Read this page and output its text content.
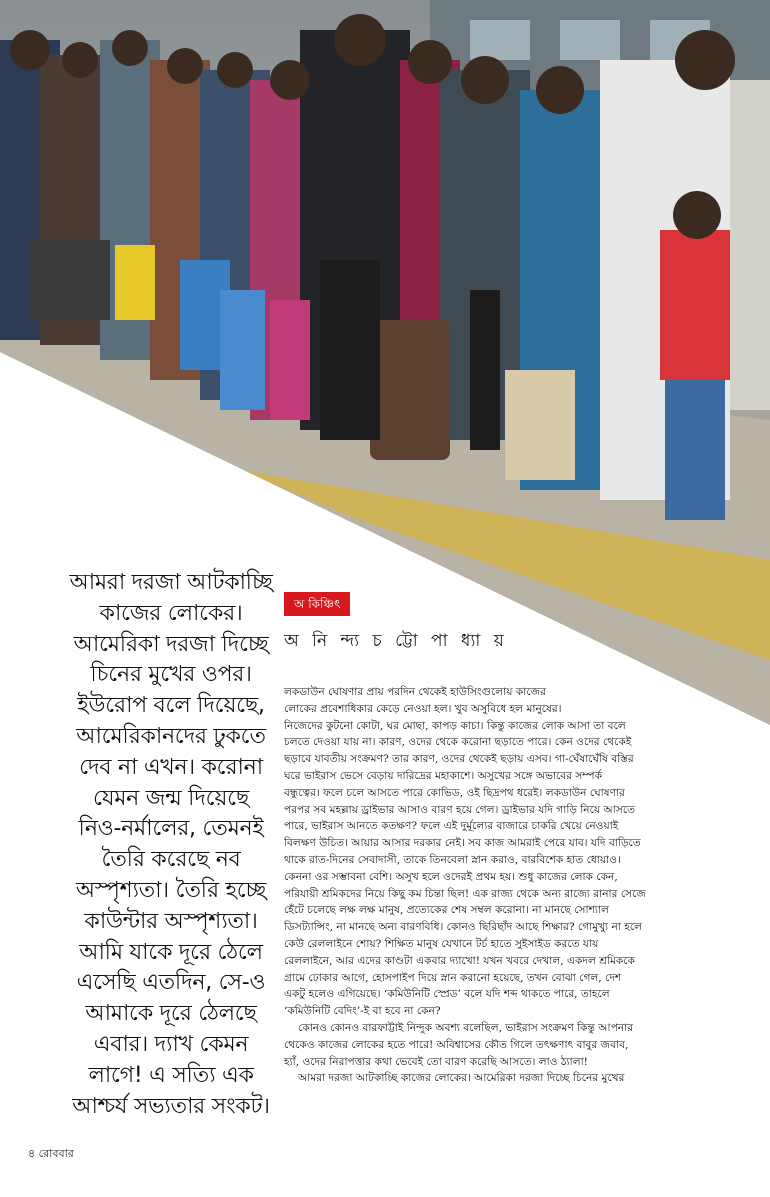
আমরা দরজা আটকাচ্ছি
কাজের লোকের।
আমেরিকা দরজা দিচ্ছে
চিনের মুখের ওপর।
ইউরোপ বলে দিয়েছে,
আমেরিকানদের ঢুকতে
দেব না এখন। করোনা
যেমন জন্ম দিয়েছে
নিও-নর্মালের, তেমনই
তৈরি করেছে নব
অস্পৃশ্যতা। তৈরি হচ্ছে
কাউন্টার অস্পৃশ্যতা।
আমি যাকে দূরে ঠেলে
এসেছি এতদিন, সে-ও
আমাকে দূরে ঠেলছে
এবার। দ্যাখ কেমন
লাগে! এ সত্যি এক
আশ্চর্য সভ্যতার সংকট।
অ কিঞ্চিৎ
অ নি ন্দ্য চ ট্টো পা ধ্যা য়
লকডাউন ঘোষণার প্রায় পরদিন থেকেই হাউসিংগুলোয় কাজের
লোকের প্রবেশাধিকার কেড়ে নেওয়া হল। খুব অসুবিধে হল মানুষের।
নিজেদের কুটনো কোটা, ঘর মোছা, কাপড় কাচা। কিন্তু কাজের লোক আসা তা বলে
চলতে দেওয়া যায় না। কারণ, ওদের থেকে করোনা ছড়াতে পারে। কেন ওদের থেকেই
ছড়াবে যাবতীয় সংক্রমণ? তার কারণ, ওদের থেকেই ছড়ায় এসব। গা-ঘেঁষাঘেঁষি বস্তির
ঘরে ভাইরাস ভেসে বেড়ায় দারিদ্রের মহাকাশে। অসুখের সঙ্গে অভাবের সম্পর্ক
বন্ধুত্বের। ফলে চলে আসতে পারে কোভিড, ওই ছিদ্রপথ ধরেই। লকডাউন ঘোষণার
পরপর সব মহল্লায় ড্রাইভার আসাও বারণ হয়ে গেল। ড্রাইভার যদি গাড়ি নিয়ে আসতে
পারে, ভাইরাস আনতে কতক্ষণ? ফলে এই দুর্মূল্যের বাজারে চাকরি খেয়ে নেওয়াই
বিলক্ষণ উচিত। আয়ার আসার দরকার নেই। সব কাজ আমরাই পেরে যাব। যদি বাড়িতে
থাকে রাত-দিনের সেবাদাসী, তাকে তিনবেলা স্নান করাও, বারবিশেক হাত ধোয়াও।
কেননা ওর সম্ভাবনা বেশি। অসুখ হলে ওদেরই প্রথম হয়। শুধু কাজের লোক কেন,
পরিযায়ী শ্রমিকদের নিয়ে কিছু কম চিন্তা ছিল! এক রাজ্য থেকে অন্য রাজ্যে রানার সেজে
হেঁটে চলেছে লক্ষ লক্ষ মানুষ, প্রত্যেকের শেষ সম্বল করোনা। না মানছে সোশ্যাল
ডিসট্যান্সিং, না মানছে অন্য বারণবিধি। কোনও ছিরিছাঁদ আছে শিক্ষার? গোমুখ্যু না হলে
কেউ রেললাইনে শোয়? শিক্ষিত মানুষ যেখানে টর্চ হাতে সুইসাইড করতে যায়
রেললাইনে, আর এদের কাণ্ডটা একবার দ্যাখো! যখন খবরে দেখাল, একদল শ্রমিককে
গ্রামে ঢোকার আগে, হোসপাইপ দিয়ে স্নান করানো হয়েছে, তখন বোঝা গেল, দেশ
একটু হলেও এগিয়েছে। ‘কমিউনিটি স্প্রেড’ বলে যদি শব্দ থাকতে পারে, তাহলে
‘কমিউনিটি বেদিং’-ই বা হবে না কেন?
কোনও কোনও বারফাট্টাই নিন্দুক অবশ্য বলেছিল, ভাইরাস সংক্রমণ কিন্তু আপনার
থেকেও কাজের লোকের হতে পারে! অবিশ্বাসের কৌত গিলে তৎক্ষণাৎ বাবুর জবাব,
হ্যাঁ, ওদের নিরাপত্তার কথা ভেবেই তো বারণ করেছি আসতে। লাও ঠ্যালা!
আমরা দরজা আটকাচ্ছি কাজের লোকের। আমেরিকা দরজা দিচ্ছে চিনের মুখের
৪ রোববার
